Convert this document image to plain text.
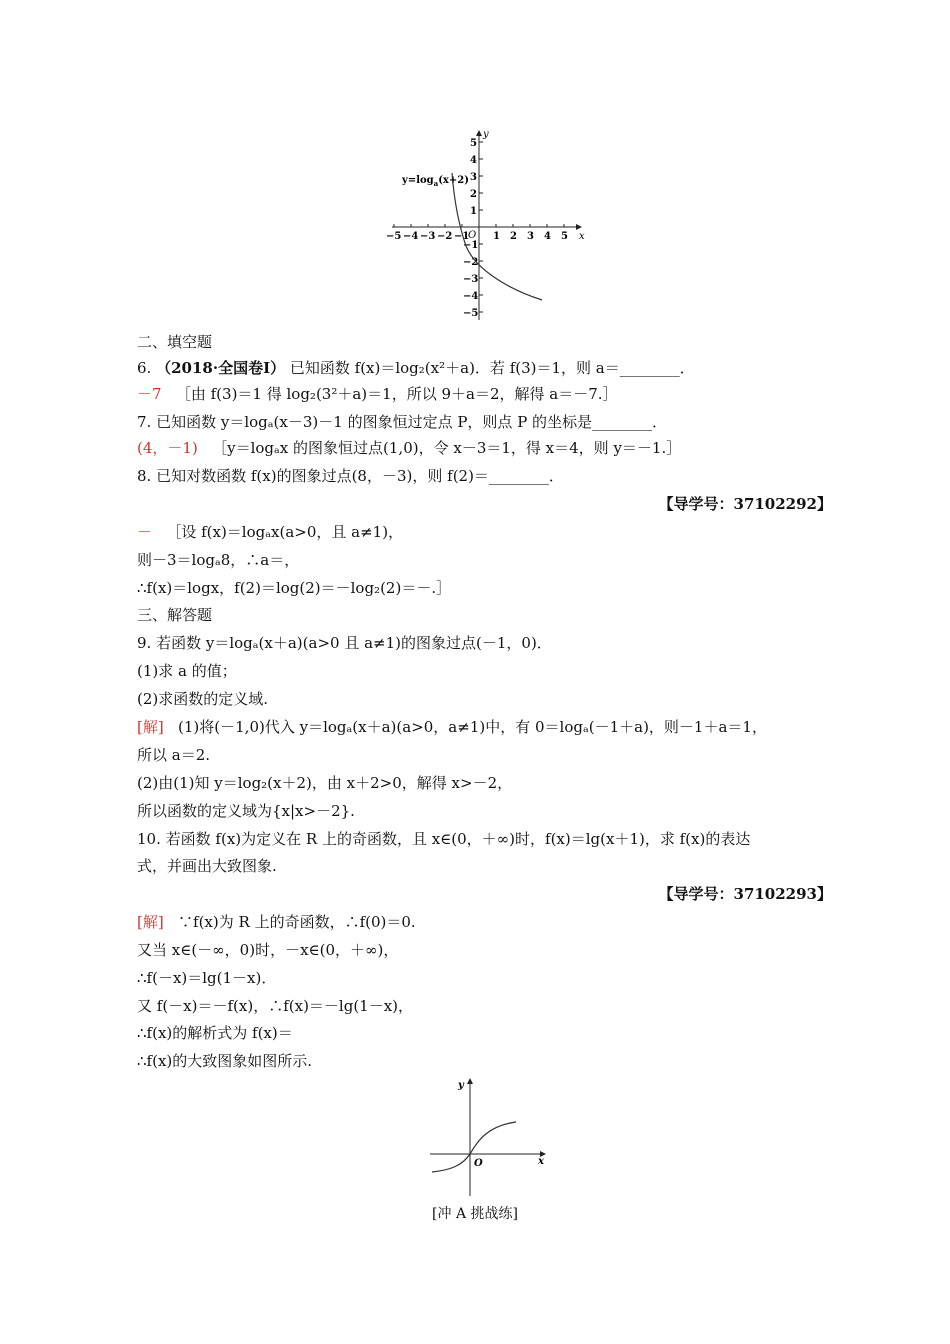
−5 −4 −3 −2 −1 1 2 3 4 5
5
4
3
2
1
−1
−2
−3
−4
−5
x
y
O
$y=\log_a(x+2)$
二、填空题
6. （2018·全国卷Ⅰ） 已知函数 f(x)＝log₂(x²＋a)．若 f(3)＝1，则 a＝________．
－7 ［由 f(3)＝1 得 log₂(3²＋a)＝1，所以 9＋a＝2，解得 a＝－7.］
7. 已知函数 y＝logₐ(x－3)－1 的图象恒过定点 P，则点 P 的坐标是________．
(4，－1) ［y＝logₐx 的图象恒过点(1,0)，令 x－3＝1，得 x＝4，则 y＝－1.］
8. 已知对数函数 f(x)的图象过点(8，－3)，则 f(2)＝________．
【导学号：37102292】
－ ［设 f(x)＝logₐx(a>0，且 a≠1)，
则－3＝logₐ8，∴a＝，
∴f(x)＝logx，f(2)＝log(2)＝－log₂(2)＝－.］
三、解答题
9. 若函数 y＝logₐ(x＋a)(a>0 且 a≠1)的图象过点(－1，0)．
(1)求 a 的值；
(2)求函数的定义域.
[解] (1)将(－1,0)代入 y＝logₐ(x＋a)(a>0，a≠1)中，有 0＝logₐ(－1＋a)，则－1＋a＝1，
所以 a＝2.
(2)由(1)知 y＝log₂(x＋2)，由 x＋2>0，解得 x>－2，
所以函数的定义域为{x|x>－2}.
10. 若函数 f(x)为定义在 R 上的奇函数，且 x∈(0，＋∞)时，f(x)＝lg(x＋1)，求 f(x)的表达
式，并画出大致图象.
【导学号：37102293】
[解] ∵f(x)为 R 上的奇函数，∴f(0)＝0.
又当 x∈(－∞，0)时，－x∈(0，＋∞)，
∴f(－x)＝lg(1－x)．
又 f(－x)＝－f(x)，∴f(x)＝－lg(1－x)，
∴f(x)的解析式为 f(x)＝
∴f(x)的大致图象如图所示.
x
y
O
[冲 A 挑战练]
